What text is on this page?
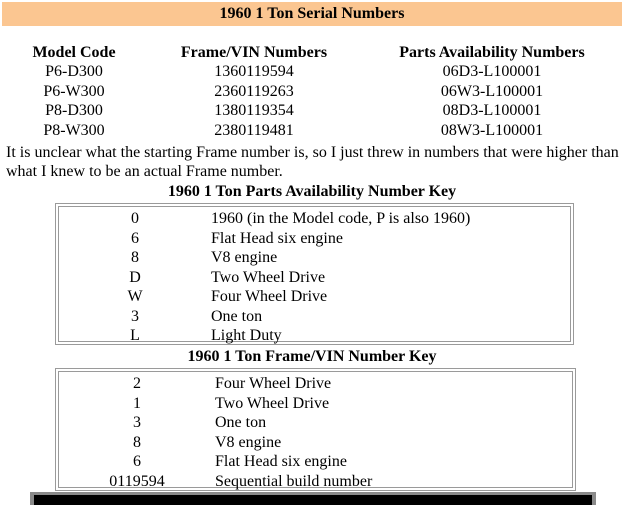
1960 1 Ton Serial Numbers
Model Code	Frame/VIN Numbers	Parts Availability Numbers
P6-D300	1360119594	06D3-L100001
P6-W300	2360119263	06W3-L100001
P8-D300	1380119354	08D3-L100001
P8-W300	2380119481	08W3-L100001
It is unclear what the starting Frame number is, so I just threw in numbers that were higher than what I knew to be an actual Frame number.
1960 1 Ton Parts Availability Number Key
0	1960 (in the Model code, P is also 1960)
6	Flat Head six engine
8	V8 engine
D	Two Wheel Drive
W	Four Wheel Drive
3	One ton
L	Light Duty
1960 1 Ton Frame/VIN Number Key
2	Four Wheel Drive
1	Two Wheel Drive
3	One ton
8	V8 engine
6	Flat Head six engine
0119594	Sequential build number
